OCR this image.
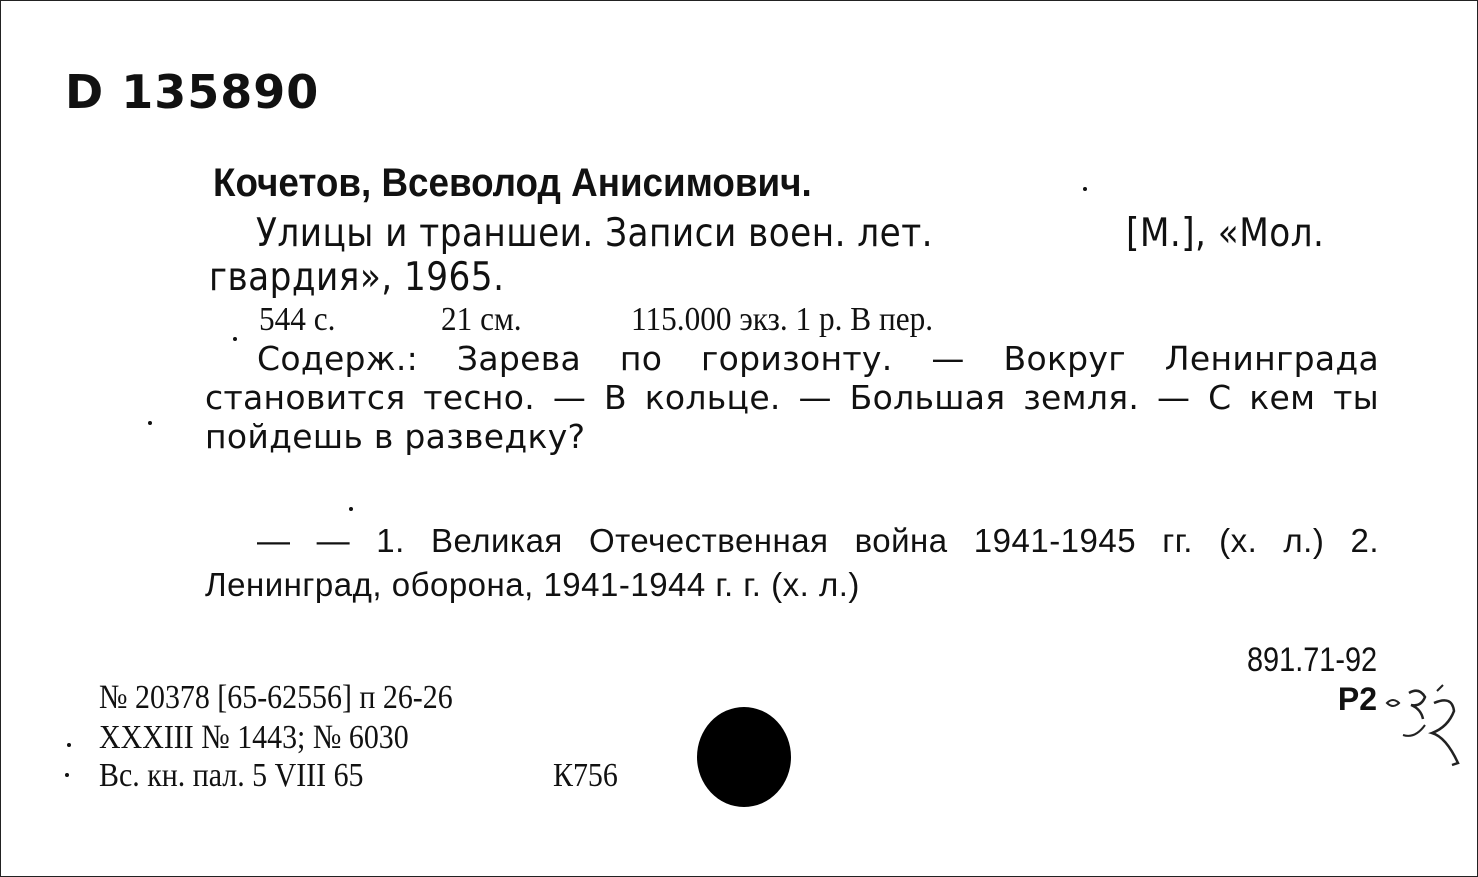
D 135890
Кочетов, Всеволод Анисимович.
Улицы и траншеи. Записи воен. лет.	[М.], «Мол.
гвардия», 1965.
544 с.	21 см.	115.000 экз. 1 р. В пер.
Содерж.: Зарева по горизонту. — Вокруг Ленинграда становится тесно. — В кольце. — Большая земля. — С кем ты пойдешь в разведку?
— — 1. Великая Отечественная война 1941-1945 гг. (х. л.) 2. Ленинград, оборона, 1941-1944 г. г. (х. л.)
891.71-92
Р2
№ 20378 [65-62556] п 26-26
XXXIII № 1443; № 6030
Вс. кн. пал. 5 VIII 65	К756
